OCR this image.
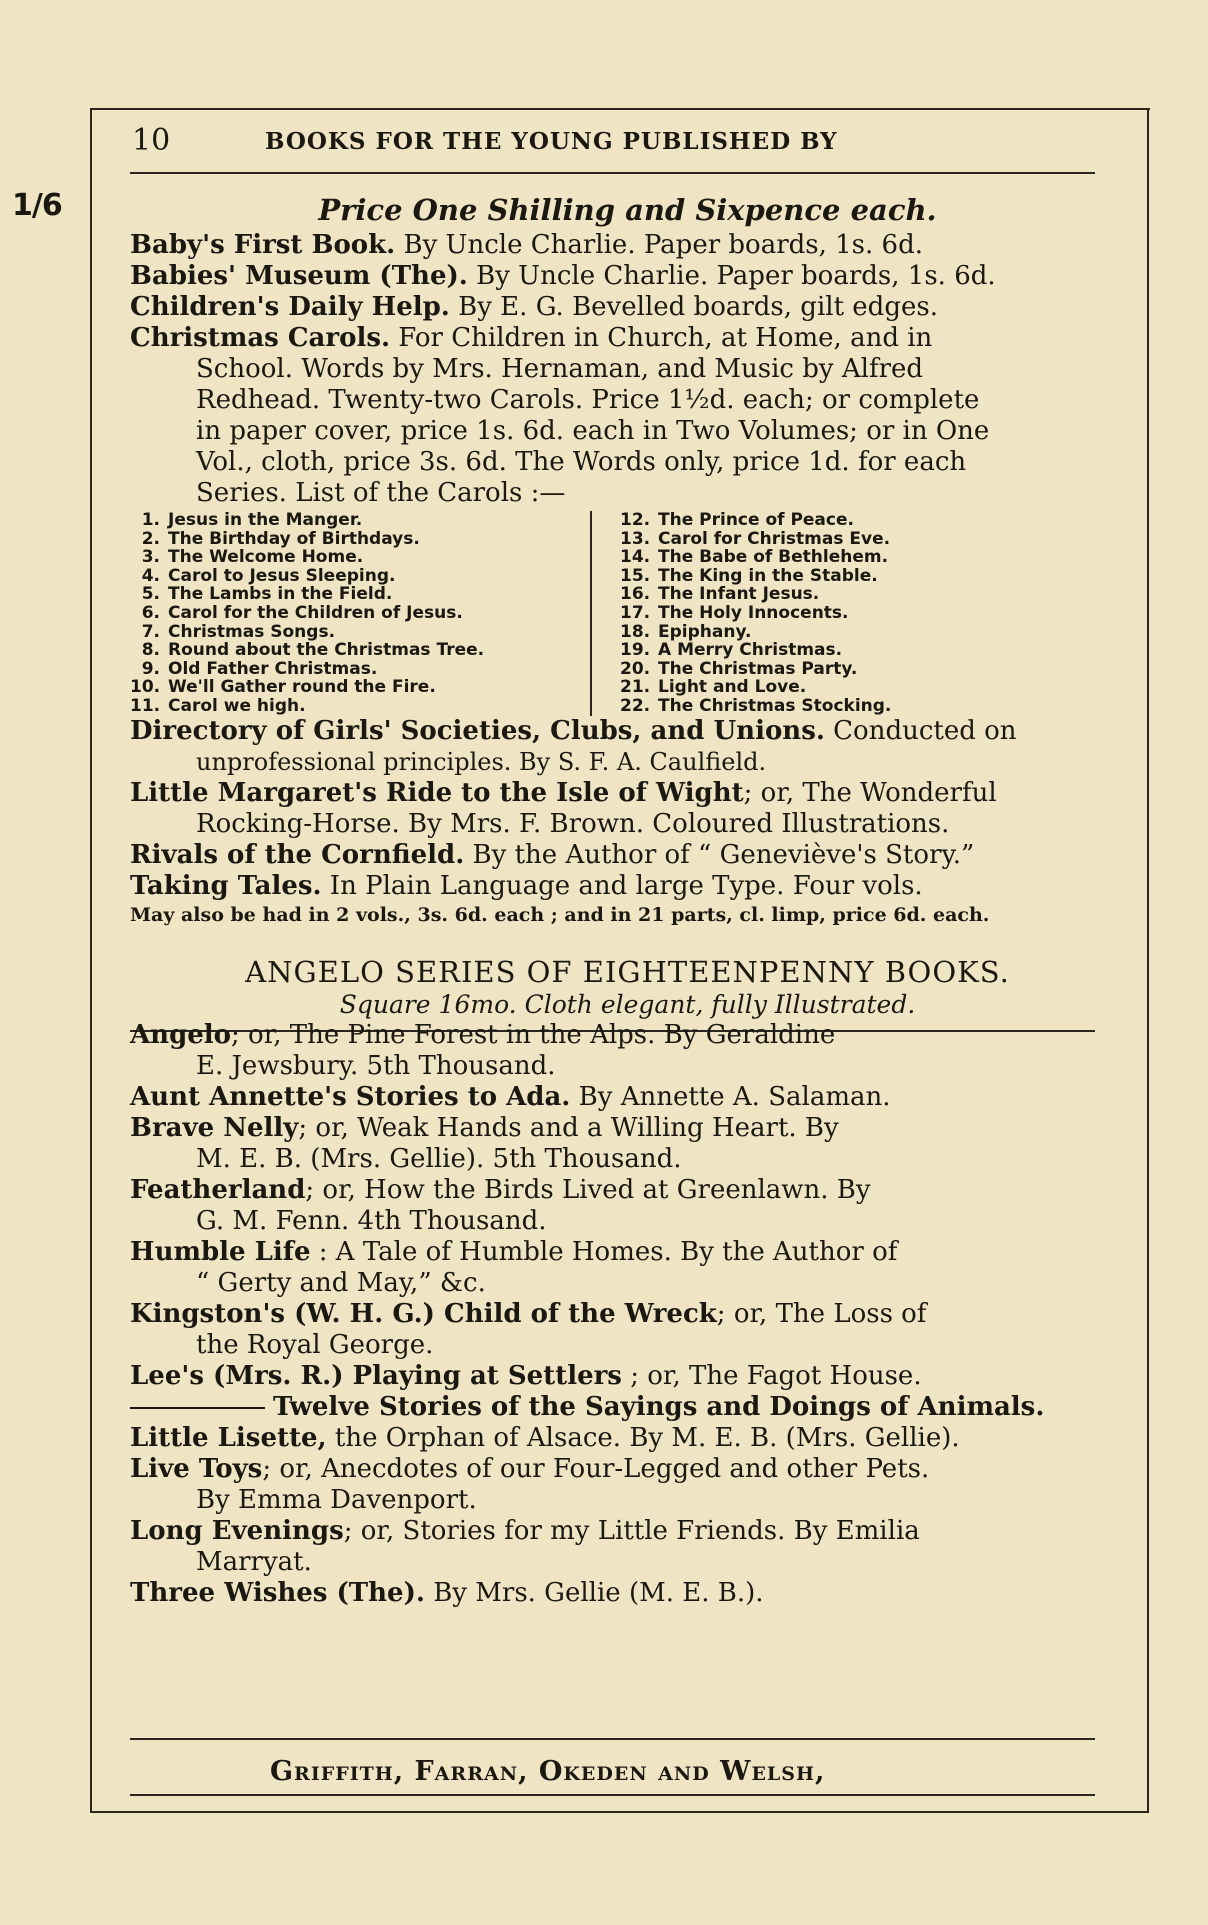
1/6
10	BOOKS FOR THE YOUNG PUBLISHED BY
Price One Shilling and Sixpence each.
Baby's First Book. By Uncle Charlie. Paper boards, 1s. 6d.
Babies' Museum (The). By Uncle Charlie. Paper boards, 1s. 6d.
Children's Daily Help. By E. G. Bevelled boards, gilt edges.
Christmas Carols. For Children in Church, at Home, and in
School. Words by Mrs. Hernaman, and Music by Alfred
Redhead. Twenty-two Carols. Price 1½d. each; or complete
in paper cover, price 1s. 6d. each in Two Volumes; or in One
Vol., cloth, price 3s. 6d. The Words only, price 1d. for each
Series. List of the Carols :—
1. Jesus in the Manger.
2. The Birthday of Birthdays.
3. The Welcome Home.
4. Carol to Jesus Sleeping.
5. The Lambs in the Field.
6. Carol for the Children of Jesus.
7. Christmas Songs.
8. Round about the Christmas Tree.
9. Old Father Christmas.
10. We'll Gather round the Fire.
11. Carol we high.
12. The Prince of Peace.
13. Carol for Christmas Eve.
14. The Babe of Bethlehem.
15. The King in the Stable.
16. The Infant Jesus.
17. The Holy Innocents.
18. Epiphany.
19. A Merry Christmas.
20. The Christmas Party.
21. Light and Love.
22. The Christmas Stocking.
Directory of Girls' Societies, Clubs, and Unions. Conducted on
unprofessional principles. By S. F. A. Caulfield.
Little Margaret's Ride to the Isle of Wight; or, The Wonderful
Rocking-Horse. By Mrs. F. Brown. Coloured Illustrations.
Rivals of the Cornfield. By the Author of “ Geneviève's Story.”
Taking Tales. In Plain Language and large Type. Four vols.
May also be had in 2 vols., 3s. 6d. each ; and in 21 parts, cl. limp, price 6d. each.
ANGELO SERIES OF EIGHTEENPENNY BOOKS.
Square 16mo. Cloth elegant, fully Illustrated.
Angelo; or, The Pine Forest in the Alps. By Geraldine
E. Jewsbury. 5th Thousand.
Aunt Annette's Stories to Ada. By Annette A. Salaman.
Brave Nelly; or, Weak Hands and a Willing Heart. By
M. E. B. (Mrs. Gellie). 5th Thousand.
Featherland; or, How the Birds Lived at Greenlawn. By
G. M. Fenn. 4th Thousand.
Humble Life : A Tale of Humble Homes. By the Author of
“ Gerty and May,” &c.
Kingston's (W. H. G.) Child of the Wreck; or, The Loss of
the Royal George.
Lee's (Mrs. R.) Playing at Settlers ; or, The Fagot House.
Twelve Stories of the Sayings and Doings of Animals.
Little Lisette, the Orphan of Alsace. By M. E. B. (Mrs. Gellie).
Live Toys; or, Anecdotes of our Four-Legged and other Pets.
By Emma Davenport.
Long Evenings; or, Stories for my Little Friends. By Emilia
Marryat.
Three Wishes (The). By Mrs. Gellie (M. E. B.).
Griffith, Farran, Okeden and Welsh,
